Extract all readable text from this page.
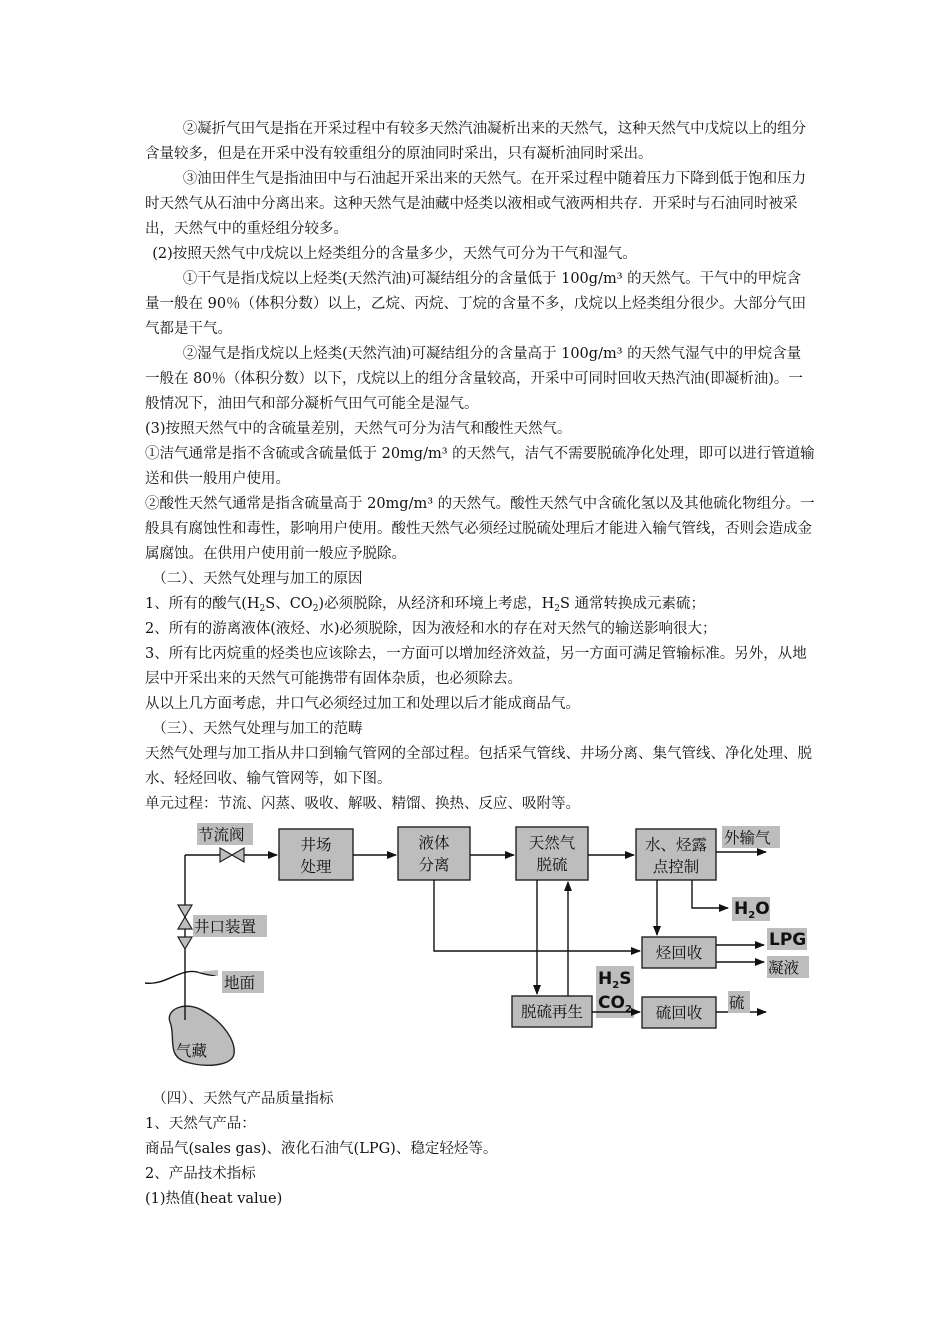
②凝折气田气是指在开采过程中有较多天然汽油凝析出来的天然气，这种天然气中戊烷以上的组分含量较多，但是在开采中没有较重组分的原油同时采出，只有凝析油同时采出。

③油田伴生气是指油田中与石油起开采出来的天然气。在开采过程中随着压力下降到低于饱和压力时天然气从石油中分离出来。这种天然气是油藏中烃类以液相或气液两相共存．开采时与石油同时被采出，天然气中的重烃组分较多。

(2)按照天然气中戊烷以上烃类组分的含量多少，天然气可分为干气和湿气。

①干气是指戊烷以上烃类(天然汽油)可凝结组分的含量低于 100g/m³ 的天然气。干气中的甲烷含量一般在 90％（体积分数）以上，乙烷、丙烷、丁烷的含量不多，戊烷以上烃类组分很少。大部分气田气都是干气。

②湿气是指戊烷以上烃类(天然汽油)可凝结组分的含量高于 100g/m³ 的天然气湿气中的甲烷含量一般在 80％（体积分数）以下，戊烷以上的组分含量较高，开采中可同时回收天热汽油(即凝析油)。一般情况下，油田气和部分凝析气田气可能全是湿气。

(3)按照天然气中的含硫量差别，天然气可分为洁气和酸性天然气。

①洁气通常是指不含硫或含硫量低于 20mg/m³ 的天然气，洁气不需要脱硫净化处理，即可以进行管道输送和供一般用户使用。

②酸性天然气通常是指含硫量高于 20mg/m³ 的天然气。酸性天然气中含硫化氢以及其他硫化物组分。一般具有腐蚀性和毒性，影响用户使用。酸性天然气必须经过脱硫处理后才能进入输气管线，否则会造成金属腐蚀。在供用户使用前一般应予脱除。

（二）、天然气处理与加工的原因

1、所有的酸气($H_2S$、$CO_2$)必须脱除，从经济和环境上考虑，$H_2S$ 通常转换成元素硫；

2、所有的游离液体(液烃、水)必须脱除，因为液烃和水的存在对天然气的输送影响很大；

3、所有比丙烷重的烃类也应该除去，一方面可以增加经济效益，另一方面可满足管输标准。另外，从地层中开采出来的天然气可能携带有固体杂质，也必须除去。

从以上几方面考虑，井口气必须经过加工和处理以后才能成商品气。

（三）、天然气处理与加工的范畴

天然气处理与加工指从井口到输气管网的全部过程。包括采气管线、井场分离、集气管线、净化处理、脱水、轻烃回收、输气管网等，如下图。

单元过程：节流、闪蒸、吸收、解吸、精馏、换热、反应、吸附等。

气藏
地面
井口装置
节流阀
井场
处理
液体
分离
天然气
脱硫
水、烃露
点控制
外输气
$H_2O$
烃回收
LPG
凝液
脱硫再生
$H_2S$
$CO_2$ 硫回收
硫

（四）、天然气产品质量指标

1、天然气产品：

商品气(sales gas)、液化石油气(LPG)、稳定轻烃等。

2、产品技术指标

(1)热值(heat value)
